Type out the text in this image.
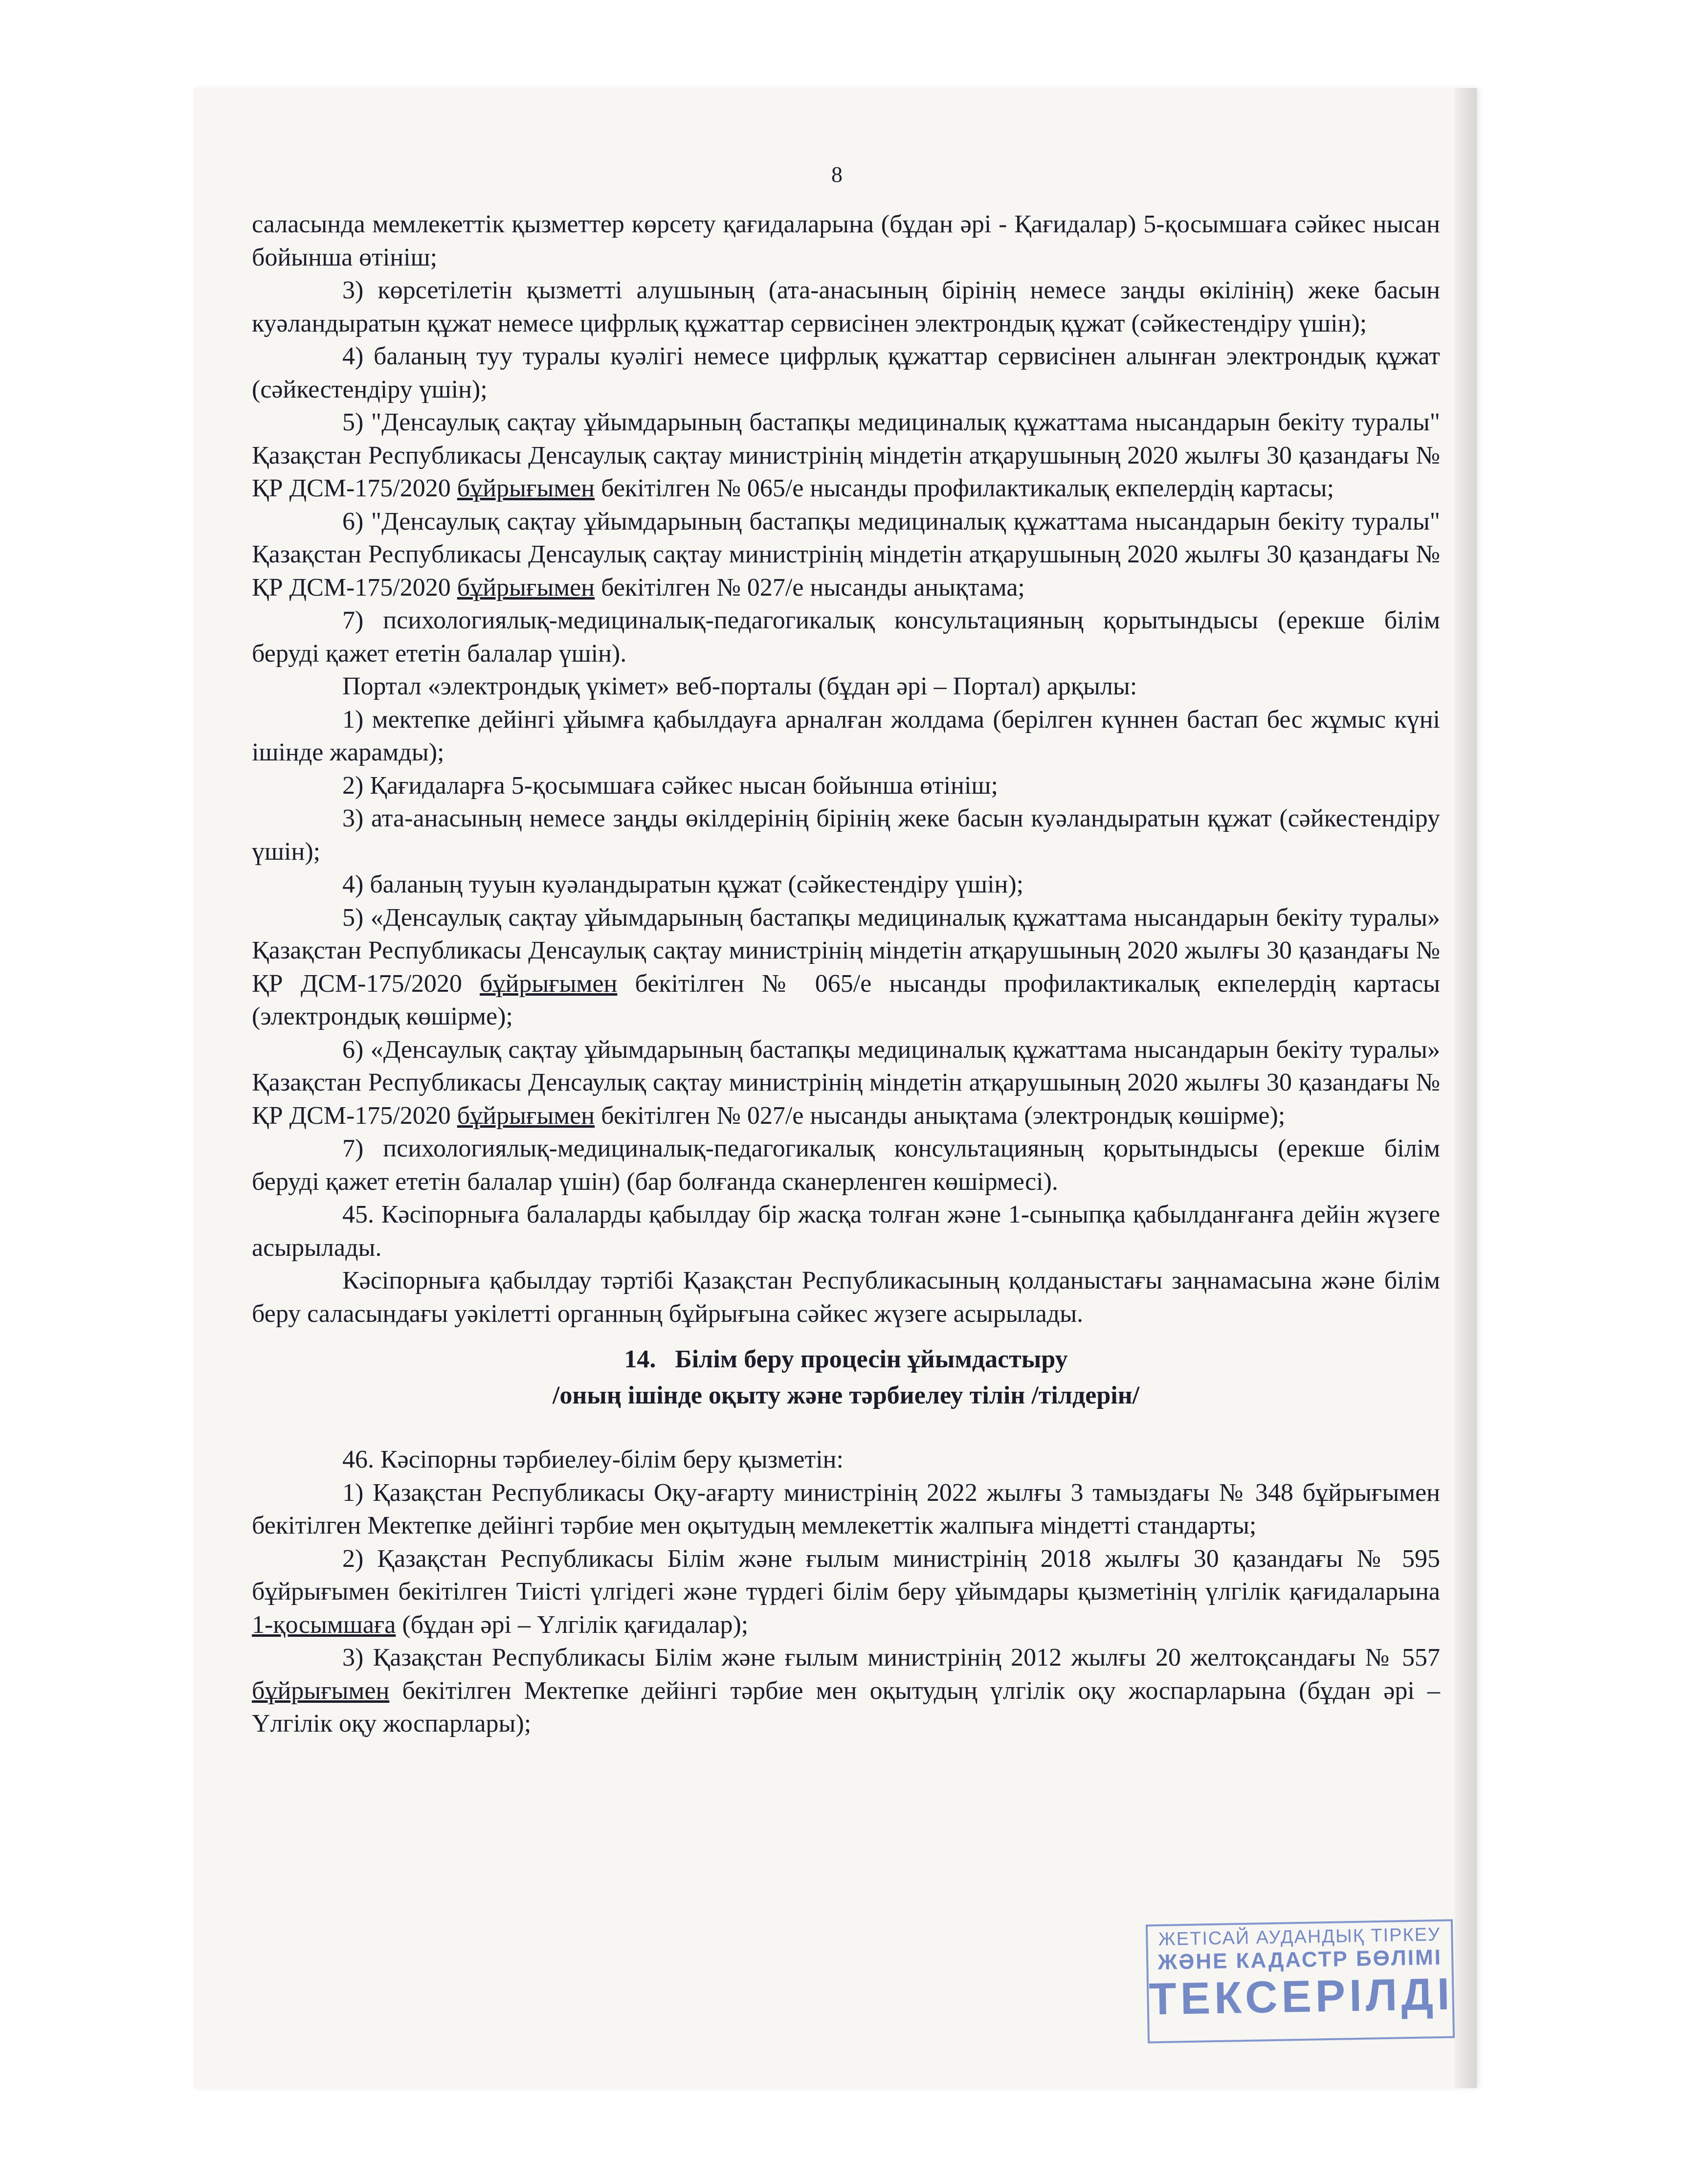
8

саласында мемлекеттік қызметтер көрсету қағидаларына (бұдан әрі - Қағидалар) 5-қосымшаға сәйкес нысан бойынша өтініш;

3) көрсетілетін қызметті алушының (ата-анасының бірінің немесе заңды өкілінің) жеке басын куәландыратын құжат немесе цифрлық құжаттар сервисінен электрондық құжат (сәйкестендіру үшін);

4) баланың туу туралы куәлігі немесе цифрлық құжаттар сервисінен алынған электрондық құжат (сәйкестендіру үшін);

5) "Денсаулық сақтау ұйымдарының бастапқы медициналық құжаттама нысандарын бекіту туралы" Қазақстан Республикасы Денсаулық сақтау министрінің міндетін атқарушының 2020 жылғы 30 қазандағы № ҚР ДСМ-175/2020 бұйрығымен бекітілген № 065/е нысанды профилактикалық екпелердің картасы;

6) "Денсаулық сақтау ұйымдарының бастапқы медициналық құжаттама нысандарын бекіту туралы" Қазақстан Республикасы Денсаулық сақтау министрінің міндетін атқарушының 2020 жылғы 30 қазандағы № ҚР ДСМ-175/2020 бұйрығымен бекітілген № 027/е нысанды анықтама;

7) психологиялық-медициналық-педагогикалық консультацияның қорытындысы (ерекше білім беруді қажет ететін балалар үшін).

Портал «электрондық үкімет» веб-порталы (бұдан әрі – Портал) арқылы:

1) мектепке дейінгі ұйымға қабылдауға арналған жолдама (берілген күннен бастап бес жұмыс күні ішінде жарамды);

2) Қағидаларға 5-қосымшаға сәйкес нысан бойынша өтініш;

3) ата-анасының немесе заңды өкілдерінің бірінің жеке басын куәландыратын құжат (сәйкестендіру үшін);

4) баланың тууын куәландыратын құжат (сәйкестендіру үшін);

5) «Денсаулық сақтау ұйымдарының бастапқы медициналық құжаттама нысандарын бекіту туралы» Қазақстан Республикасы Денсаулық сақтау министрінің міндетін атқарушының 2020 жылғы 30 қазандағы № ҚР ДСМ-175/2020 бұйрығымен бекітілген № 065/е нысанды профилактикалық екпелердің картасы (электрондық көшірме);

6) «Денсаулық сақтау ұйымдарының бастапқы медициналық құжаттама нысандарын бекіту туралы» Қазақстан Республикасы Денсаулық сақтау министрінің міндетін атқарушының 2020 жылғы 30 қазандағы № ҚР ДСМ-175/2020 бұйрығымен бекітілген № 027/е нысанды анықтама (электрондық көшірме);

7) психологиялық-медициналық-педагогикалық консультацияның қорытындысы (ерекше білім беруді қажет ететін балалар үшін) (бар болғанда сканерленген көшірмесі).

45. Кәсіпорнығa балаларды қабылдау бір жасқа толған және 1-сыныпқа қабылданғанға дейін жүзеге асырылады.

Кәсіпорнығa қабылдау тәртібі Қазақстан Республикасының қолданыстағы заңнамасына және білім беру саласындағы уәкілетті органның бұйрығына сәйкес жүзеге асырылады.

14. Білім беру процесін ұйымдастыру

/оның ішінде оқыту және тәрбиелеу тілін /тілдерін/

46. Кәсіпорны тәрбиелеу-білім беру қызметін:

1) Қазақстан Республикасы Оқу-ағарту министрінің 2022 жылғы 3 тамыздағы № 348 бұйрығымен бекітілген Мектепке дейінгі тәрбие мен оқытудың мемлекеттік жалпыға міндетті стандарты;

2) Қазақстан Республикасы Білім және ғылым министрінің 2018 жылғы 30 қазандағы № 595 бұйрығымен бекітілген Тиісті үлгідегі және түрдегі білім беру ұйымдары қызметінің үлгілік қағидаларына 1-қосымшаға (бұдан әрі – Үлгілік қағидалар);

3) Қазақстан Республикасы Білім және ғылым министрінің 2012 жылғы 20 желтоқсандағы № 557 бұйрығымен бекітілген Мектепке дейінгі тәрбие мен оқытудың үлгілік оқу жоспарларына (бұдан әрі – Үлгілік оқу жоспарлары);

ЖЕТІСАЙ АУДАНДЫҚ ТІРКЕУ
ЖӘНЕ КАДАСТР БӨЛІМІ
ТЕКСЕРІЛДІ
